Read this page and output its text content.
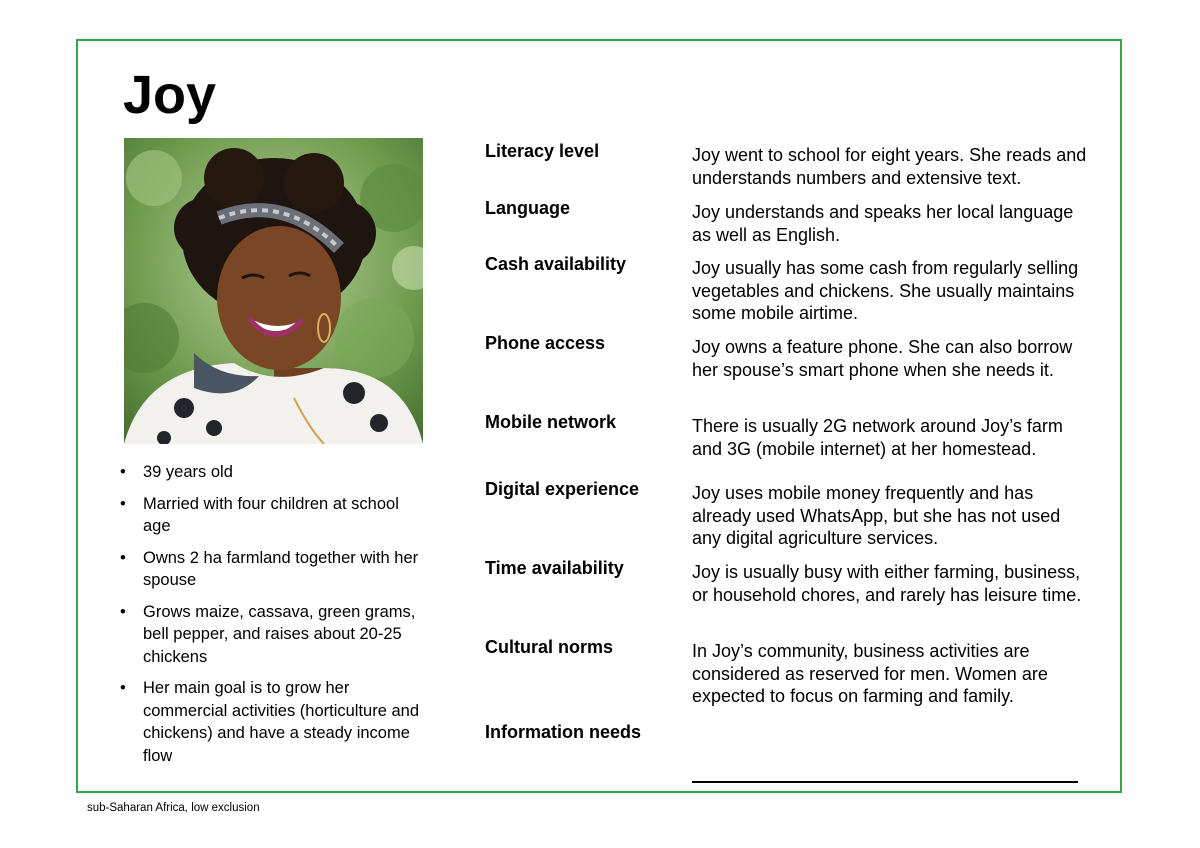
Joy
• 39 years old
• Married with four children at school age
• Owns 2 ha farmland together with her spouse
• Grows maize, cassava, green grams, bell pepper, and raises about 20-25 chickens
• Her main goal is to grow her commercial activities (horticulture and chickens) and have a steady income flow
Literacy level	Joy went to school for eight years. She reads and understands numbers and extensive text.
Language	Joy understands and speaks her local language as well as English.
Cash availability	Joy usually has some cash from regularly selling vegetables and chickens. She usually maintains some mobile airtime.
Phone access	Joy owns a feature phone. She can also borrow her spouse’s smart phone when she needs it.
Mobile network	There is usually 2G network around Joy’s farm and 3G (mobile internet) at her homestead.
Digital experience	Joy uses mobile money frequently and has already used WhatsApp, but she has not used any digital agriculture services.
Time availability	Joy is usually busy with either farming, business, or household chores, and rarely has leisure time.
Cultural norms	In Joy’s community, business activities are considered as reserved for men. Women are expected to focus on farming and family.
Information needs
sub-Saharan Africa, low exclusion
